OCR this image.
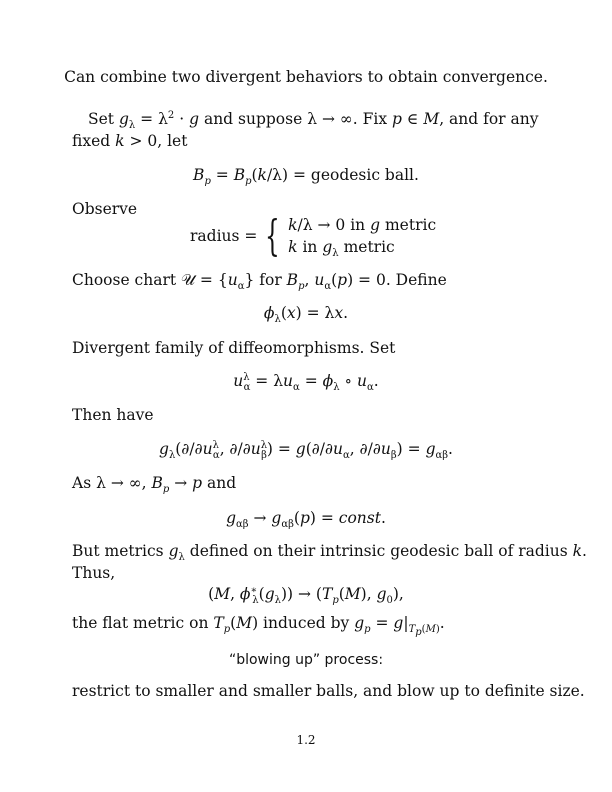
Can combine two divergent behaviors to obtain convergence.
Set $g_\lambda = \lambda^2 \cdot g$ and suppose λ → ∞. Fix p ∈ M, and for any
fixed k > 0, let
$B_p = B_p(k/\lambda)$ = geodesic ball.
Observe
radius = { k/λ → 0 in g metric
k in $g_\lambda$ metric
Choose chart 𝒰 = $\{u_\alpha\}$ for $B_p$, $u_\alpha(p) = 0$. Define
$\phi_\lambda(x) = \lambda x$.
Divergent family of diffeomorphisms. Set
$u^\lambda_\alpha = \lambda u_\alpha = \phi_\lambda$ ∘ $u_\alpha$.
Then have
$g_\lambda(\partial/\partial u^\lambda_\alpha$, $\partial/\partial u^\lambda_\beta) = g(\partial/\partial u_\alpha$, $\partial/\partial u_\beta) = g_{\alpha\beta}$.
As λ → ∞, $B_p \to p$ and
$g_{\alpha\beta} \to g_{\alpha\beta}(p)$ = const.
But metrics $g_\lambda$ defined on their intrinsic geodesic ball of radius k.
Thus,
(M, $\phi^∗_\lambda(g_\lambda)) \to (T_p(M)$, $g_0$),
the flat metric on $T_p(M)$ induced by $g_p = g|_{T_p(M)}$.
“blowing up” process:
restrict to smaller and smaller balls, and blow up to definite size.
1.2
